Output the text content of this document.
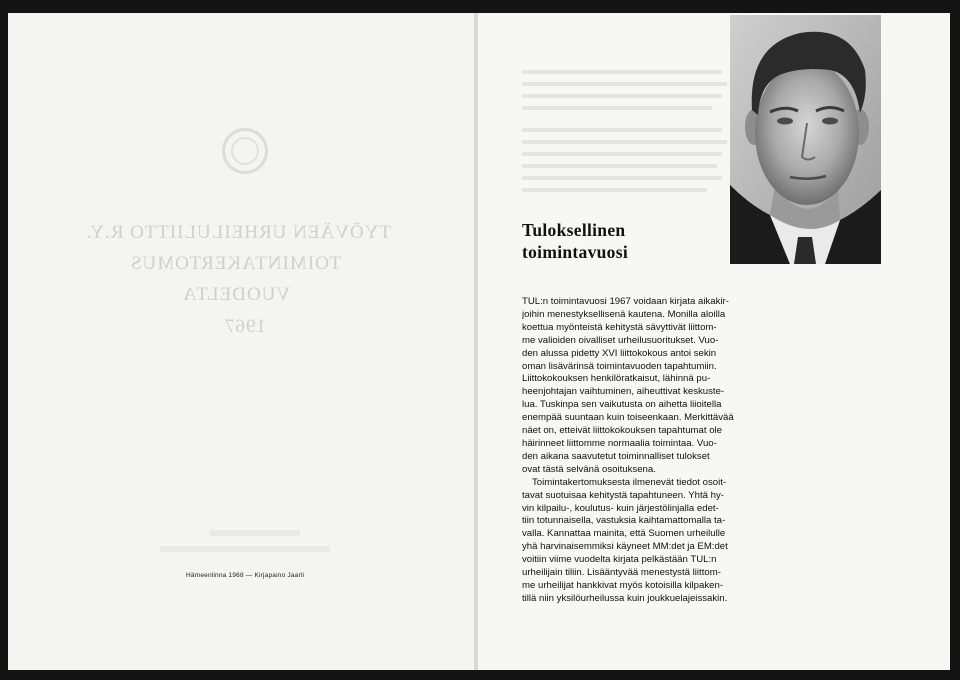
TYÖVÄEN URHEILULIITTO R.Y.
TOIMINTAKERTOMUS
VUODELTA
1967
Hämeenlinna 1968 — Kirjapaino Jaarli
Tuloksellinen
toimintavuosi

TUL:n toimintavuosi 1967 voidaan kirjata aikakir-

joihin menestyksellisenä kautena. Monilla aloilla

koettua myönteistä kehitystä sävyttivät liittom-

me valioiden oivalliset urheilusuoritukset. Vuo-

den alussa pidetty XVI liittokokous antoi sekin

oman lisävärinsä toimintavuoden tapahtumiin.

Liittokokouksen henkilöratkaisut, lähinnä pu-

heenjohtajan vaihtuminen, aiheuttivat keskuste-

lua. Tuskinpa sen vaikutusta on aihetta liioitella

enempää suuntaan kuin toiseenkaan. Merkittävää

näet on, etteivät liittokokouksen tapahtumat ole

häirinneet liittomme normaalia toimintaa. Vuo-

den aikana saavutetut toiminnalliset tulokset

ovat tästä selvänä osoituksena.

Toimintakertomuksesta ilmenevät tiedot osoit-

tavat suotuisaa kehitystä tapahtuneen. Yhtä hy-

vin kilpailu-, koulutus- kuin järjestölinjalla edet-

tiin totunnaisella, vastuksia kaihtamattomalla ta-

valla. Kannattaa mainita, että Suomen urheilulle

yhä harvinaisemmiksi käyneet MM:det ja EM:det

voitiin viime vuodelta kirjata pelkästään TUL:n

urheilijain tiliin. Lisääntyvää menestystä liittom-

me urheilijat hankkivat myös kotoisilla kilpaken-

tillä niin yksilöurheilussa kuin joukkuelajeissakin.
